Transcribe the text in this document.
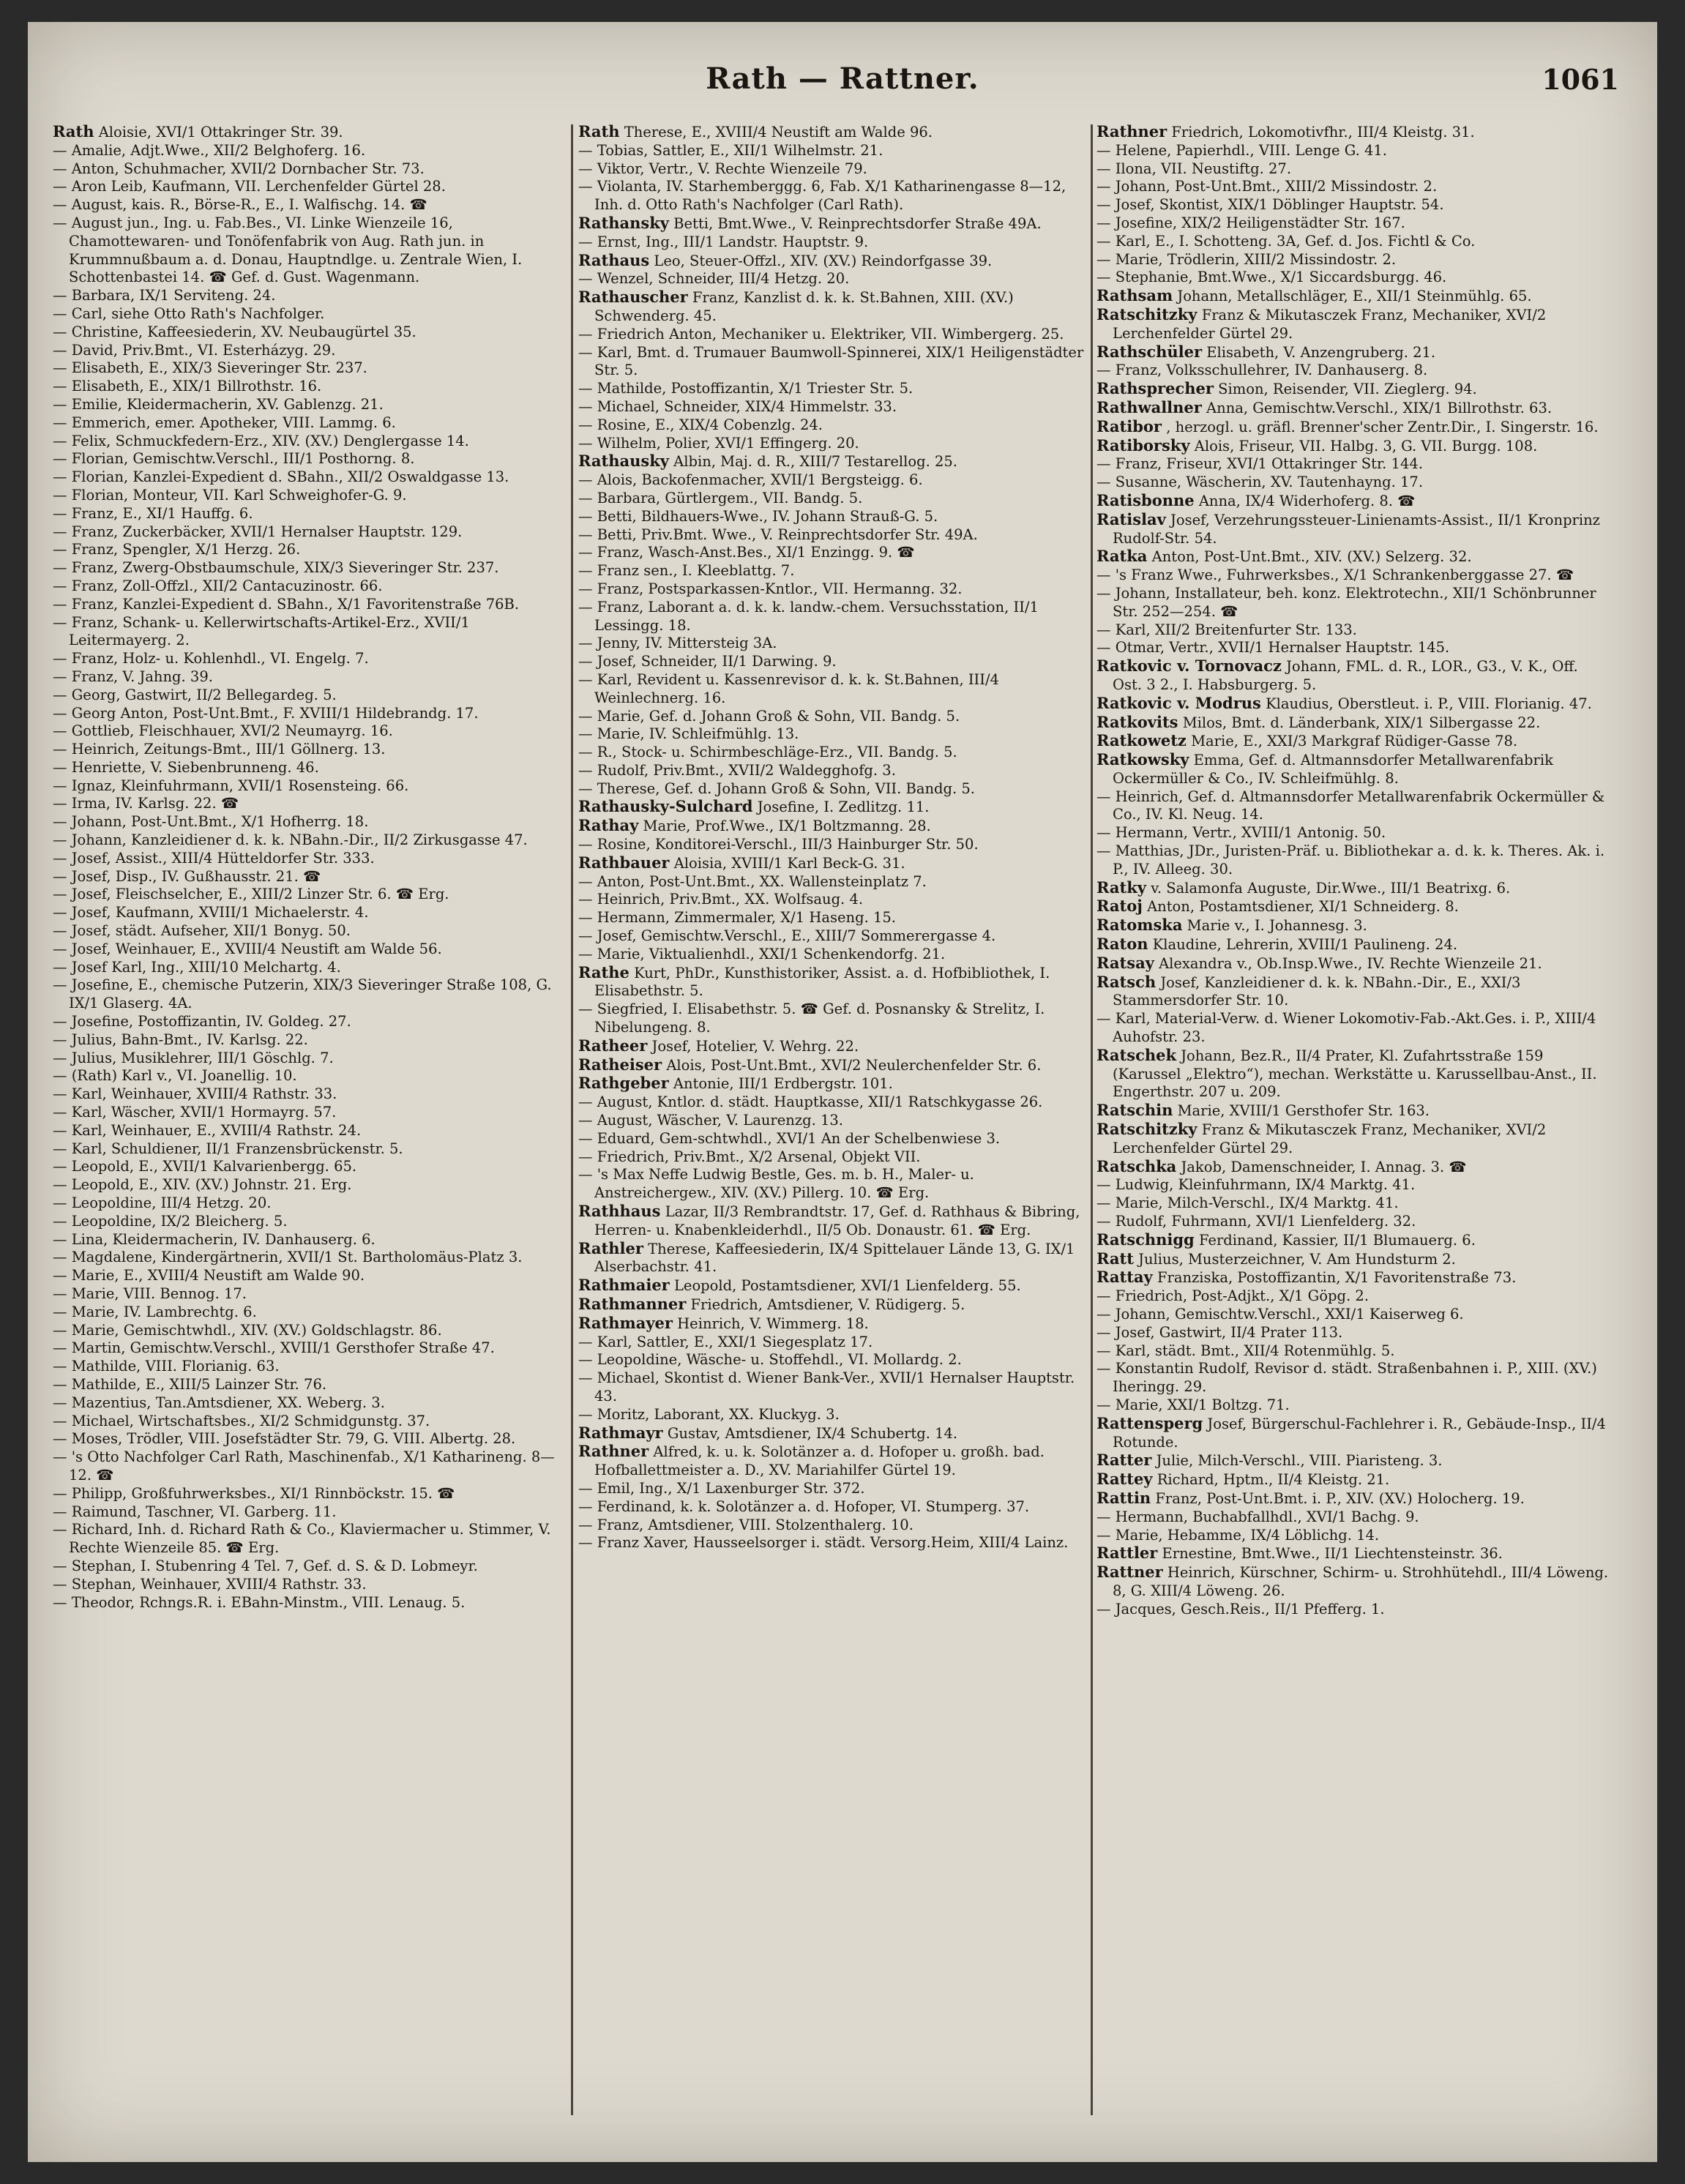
Rath — Rattner.	1061
Rath Aloisie, XVI/1 Ottakringer Str. 39.
— Amalie, Adjt.Wwe., XII/2 Belghoferg. 16.
— Anton, Schuhmacher, XVII/2 Dornbacher Str. 73.
— Aron Leib, Kaufmann, VII. Lerchenfelder Gürtel 28.
— August, kais. R., Börse-R., E., I. Walfischg. 14. ☎
— August jun., Ing. u. Fab.Bes., VI. Linke Wienzeile 16, Chamottewaren- und Tonöfenfabrik von Aug. Rath jun. in Krummnußbaum a. d. Donau, Hauptndlge. u. Zentrale Wien, I. Schottenbastei 14. ☎ Gef. d. Gust. Wagenmann.
— Barbara, IX/1 Serviteng. 24.
— Carl, siehe Otto Rath's Nachfolger.
— Christine, Kaffeesiederin, XV. Neubaugürtel 35.
— David, Priv.Bmt., VI. Esterházyg. 29.
— Elisabeth, E., XIX/3 Sieveringer Str. 237.
— Elisabeth, E., XIX/1 Billrothstr. 16.
— Emilie, Kleidermacherin, XV. Gablenzg. 21.
— Emmerich, emer. Apotheker, VIII. Lammg. 6.
— Felix, Schmuckfedern-Erz., XIV. (XV.) Denglergasse 14.
— Florian, Gemischtw.Verschl., III/1 Posthorng. 8.
— Florian, Kanzlei-Expedient d. SBahn., XII/2 Oswaldgasse 13.
— Florian, Monteur, VII. Karl Schweighofer-G. 9.
— Franz, E., XI/1 Hauffg. 6.
— Franz, Zuckerbäcker, XVII/1 Hernalser Hauptstr. 129.
— Franz, Spengler, X/1 Herzg. 26.
— Franz, Zwerg-Obstbaumschule, XIX/3 Sieveringer Str. 237.
— Franz, Zoll-Offzl., XII/2 Cantacuzinostr. 66.
— Franz, Kanzlei-Expedient d. SBahn., X/1 Favoritenstraße 76B.
— Franz, Schank- u. Kellerwirtschafts-Artikel-Erz., XVII/1 Leitermayerg. 2.
— Franz, Holz- u. Kohlenhdl., VI. Engelg. 7.
— Franz, V. Jahng. 39.
— Georg, Gastwirt, II/2 Bellegardeg. 5.
— Georg Anton, Post-Unt.Bmt., F. XVIII/1 Hildebrandg. 17.
— Gottlieb, Fleischhauer, XVI/2 Neumayrg. 16.
— Heinrich, Zeitungs-Bmt., III/1 Göllnerg. 13.
— Henriette, V. Siebenbrunneng. 46.
— Ignaz, Kleinfuhrmann, XVII/1 Rosensteing. 66.
— Irma, IV. Karlsg. 22. ☎
— Johann, Post-Unt.Bmt., X/1 Hofherrg. 18.
— Johann, Kanzleidiener d. k. k. NBahn.-Dir., II/2 Zirkusgasse 47.
— Josef, Assist., XIII/4 Hütteldorfer Str. 333.
— Josef, Disp., IV. Gußhausstr. 21. ☎
— Josef, Fleischselcher, E., XIII/2 Linzer Str. 6. ☎ Erg.
— Josef, Kaufmann, XVIII/1 Michaelerstr. 4.
— Josef, städt. Aufseher, XII/1 Bonyg. 50.
— Josef, Weinhauer, E., XVIII/4 Neustift am Walde 56.
— Josef Karl, Ing., XIII/10 Melchartg. 4.
— Josefine, E., chemische Putzerin, XIX/3 Sieveringer Straße 108, G. IX/1 Glaserg. 4A.
— Josefine, Postoffizantin, IV. Goldeg. 27.
— Julius, Bahn-Bmt., IV. Karlsg. 22.
— Julius, Musiklehrer, III/1 Göschlg. 7.
— (Rath) Karl v., VI. Joanellig. 10.
— Karl, Weinhauer, XVIII/4 Rathstr. 33.
— Karl, Wäscher, XVII/1 Hormayrg. 57.
— Karl, Weinhauer, E., XVIII/4 Rathstr. 24.
— Karl, Schuldiener, II/1 Franzensbrückenstr. 5.
— Leopold, E., XVII/1 Kalvarienbergg. 65.
— Leopold, E., XIV. (XV.) Johnstr. 21. Erg.
— Leopoldine, III/4 Hetzg. 20.
— Leopoldine, IX/2 Bleicherg. 5.
— Lina, Kleidermacherin, IV. Danhauserg. 6.
— Magdalene, Kindergärtnerin, XVII/1 St. Bartholomäus-Platz 3.
— Marie, E., XVIII/4 Neustift am Walde 90.
— Marie, VIII. Bennog. 17.
— Marie, IV. Lambrechtg. 6.
— Marie, Gemischtwhdl., XIV. (XV.) Goldschlagstr. 86.
— Martin, Gemischtw.Verschl., XVIII/1 Gersthofer Straße 47.
— Mathilde, VIII. Florianig. 63.
— Mathilde, E., XIII/5 Lainzer Str. 76.
— Mazentius, Tan.Amtsdiener, XX. Weberg. 3.
— Michael, Wirtschaftsbes., XI/2 Schmidgunstg. 37.
— Moses, Trödler, VIII. Josefstädter Str. 79, G. VIII. Albertg. 28.
— 's Otto Nachfolger Carl Rath, Maschinenfab., X/1 Katharineng. 8—12. ☎
— Philipp, Großfuhrwerksbes., XI/1 Rinnböckstr. 15. ☎
— Raimund, Taschner, VI. Garberg. 11.
— Richard, Inh. d. Richard Rath & Co., Klaviermacher u. Stimmer, V. Rechte Wienzeile 85. ☎ Erg.
— Stephan, I. Stubenring 4 Tel. 7, Gef. d. S. & D. Lobmeyr.
— Stephan, Weinhauer, XVIII/4 Rathstr. 33.
— Theodor, Rchngs.R. i. EBahn-Minstm., VIII. Lenaug. 5.
Rath Therese, E., XVIII/4 Neustift am Walde 96.
— Tobias, Sattler, E., XII/1 Wilhelmstr. 21.
— Viktor, Vertr., V. Rechte Wienzeile 79.
— Violanta, IV. Starhemberggg. 6, Fab. X/1 Katharinengasse 8—12, Inh. d. Otto Rath's Nachfolger (Carl Rath).
Rathansky Betti, Bmt.Wwe., V. Reinprechtsdorfer Straße 49A.
— Ernst, Ing., III/1 Landstr. Hauptstr. 9.
Rathaus Leo, Steuer-Offzl., XIV. (XV.) Reindorfgasse 39.
— Wenzel, Schneider, III/4 Hetzg. 20.
Rathauscher Franz, Kanzlist d. k. k. St.Bahnen, XIII. (XV.) Schwenderg. 45.
— Friedrich Anton, Mechaniker u. Elektriker, VII. Wimbergerg. 25.
— Karl, Bmt. d. Trumauer Baumwoll-Spinnerei, XIX/1 Heiligenstädter Str. 5.
— Mathilde, Postoffizantin, X/1 Triester Str. 5.
— Michael, Schneider, XIX/4 Himmelstr. 33.
— Rosine, E., XIX/4 Cobenzlg. 24.
— Wilhelm, Polier, XVI/1 Effingerg. 20.
Rathausky Albin, Maj. d. R., XIII/7 Testarellog. 25.
— Alois, Backofenmacher, XVII/1 Bergsteigg. 6.
— Barbara, Gürtlergem., VII. Bandg. 5.
— Betti, Bildhauers-Wwe., IV. Johann Strauß-G. 5.
— Betti, Priv.Bmt. Wwe., V. Reinprechtsdorfer Str. 49A.
— Franz, Wasch-Anst.Bes., XI/1 Enzingg. 9. ☎
— Franz sen., I. Kleeblattg. 7.
— Franz, Postsparkassen-Kntlor., VII. Hermanng. 32.
— Franz, Laborant a. d. k. k. landw.-chem. Versuchsstation, II/1 Lessingg. 18.
— Jenny, IV. Mittersteig 3A.
— Josef, Schneider, II/1 Darwing. 9.
— Karl, Revident u. Kassenrevisor d. k. k. St.Bahnen, III/4 Weinlechnerg. 16.
— Marie, Gef. d. Johann Groß & Sohn, VII. Bandg. 5.
— Marie, IV. Schleifmühlg. 13.
— R., Stock- u. Schirmbeschläge-Erz., VII. Bandg. 5.
— Rudolf, Priv.Bmt., XVII/2 Waldegghofg. 3.
— Therese, Gef. d. Johann Groß & Sohn, VII. Bandg. 5.
Rathausky-Sulchard Josefine, I. Zedlitzg. 11.
Rathay Marie, Prof.Wwe., IX/1 Boltzmanng. 28.
— Rosine, Konditorei-Verschl., III/3 Hainburger Str. 50.
Rathbauer Aloisia, XVIII/1 Karl Beck-G. 31.
— Anton, Post-Unt.Bmt., XX. Wallensteinplatz 7.
— Heinrich, Priv.Bmt., XX. Wolfsaug. 4.
— Hermann, Zimmermaler, X/1 Haseng. 15.
— Josef, Gemischtw.Verschl., E., XIII/7 Sommerergasse 4.
— Marie, Viktualienhdl., XXI/1 Schenkendorfg. 21.
Rathe Kurt, PhDr., Kunsthistoriker, Assist. a. d. Hofbibliothek, I. Elisabethstr. 5.
— Siegfried, I. Elisabethstr. 5. ☎ Gef. d. Posnansky & Strelitz, I. Nibelungeng. 8.
Ratheer Josef, Hotelier, V. Wehrg. 22.
Ratheiser Alois, Post-Unt.Bmt., XVI/2 Neulerchenfelder Str. 6.
Rathgeber Antonie, III/1 Erdbergstr. 101.
— August, Kntlor. d. städt. Hauptkasse, XII/1 Ratschkygasse 26.
— August, Wäscher, V. Laurenzg. 13.
— Eduard, Gem-schtwhdl., XVI/1 An der Schelbenwiese 3.
— Friedrich, Priv.Bmt., X/2 Arsenal, Objekt VII.
— 's Max Neffe Ludwig Bestle, Ges. m. b. H., Maler- u. Anstreichergew., XIV. (XV.) Pillerg. 10. ☎ Erg.
Rathhaus Lazar, II/3 Rembrandtstr. 17, Gef. d. Rathhaus & Bibring, Herren- u. Knabenkleiderhdl., II/5 Ob. Donaustr. 61. ☎ Erg.
Rathler Therese, Kaffeesiederin, IX/4 Spittelauer Lände 13, G. IX/1 Alserbachstr. 41.
Rathmaier Leopold, Postamtsdiener, XVI/1 Lienfelderg. 55.
Rathmanner Friedrich, Amtsdiener, V. Rüdigerg. 5.
Rathmayer Heinrich, V. Wimmerg. 18.
— Karl, Sattler, E., XXI/1 Siegesplatz 17.
— Leopoldine, Wäsche- u. Stoffehdl., VI. Mollardg. 2.
— Michael, Skontist d. Wiener Bank-Ver., XVII/1 Hernalser Hauptstr. 43.
— Moritz, Laborant, XX. Kluckyg. 3.
Rathmayr Gustav, Amtsdiener, IX/4 Schubertg. 14.
Rathner Alfred, k. u. k. Solotänzer a. d. Hofoper u. großh. bad. Hofballettmeister a. D., XV. Mariahilfer Gürtel 19.
— Emil, Ing., X/1 Laxenburger Str. 372.
— Ferdinand, k. k. Solotänzer a. d. Hofoper, VI. Stumperg. 37.
— Franz, Amtsdiener, VIII. Stolzenthalerg. 10.
— Franz Xaver, Hausseelsorger i. städt. Versorg.Heim, XIII/4 Lainz.
Rathner Friedrich, Lokomotivfhr., III/4 Kleistg. 31.
— Helene, Papierhdl., VIII. Lenge G. 41.
— Ilona, VII. Neustiftg. 27.
— Johann, Post-Unt.Bmt., XIII/2 Missindostr. 2.
— Josef, Skontist, XIX/1 Döblinger Hauptstr. 54.
— Josefine, XIX/2 Heiligenstädter Str. 167.
— Karl, E., I. Schotteng. 3A, Gef. d. Jos. Fichtl & Co.
— Marie, Trödlerin, XIII/2 Missindostr. 2.
— Stephanie, Bmt.Wwe., X/1 Siccardsburgg. 46.
Rathsam Johann, Metallschläger, E., XII/1 Steinmühlg. 65.
Ratschitzky Franz & Mikutasczek Franz, Mechaniker, XVI/2 Lerchenfelder Gürtel 29.
Rathschüler Elisabeth, V. Anzengruberg. 21.
— Franz, Volksschullehrer, IV. Danhauserg. 8.
Rathsprecher Simon, Reisender, VII. Zieglerg. 94.
Rathwallner Anna, Gemischtw.Verschl., XIX/1 Billrothstr. 63.
Ratibor , herzogl. u. gräfl. Brenner'scher Zentr.Dir., I. Singerstr. 16.
Ratiborsky Alois, Friseur, VII. Halbg. 3, G. VII. Burgg. 108.
— Franz, Friseur, XVI/1 Ottakringer Str. 144.
— Susanne, Wäscherin, XV. Tautenhayng. 17.
Ratisbonne Anna, IX/4 Widerhoferg. 8. ☎
Ratislav Josef, Verzehrungssteuer-Linienamts-Assist., II/1 Kronprinz Rudolf-Str. 54.
Ratka Anton, Post-Unt.Bmt., XIV. (XV.) Selzerg. 32.
— 's Franz Wwe., Fuhrwerksbes., X/1 Schrankenberggasse 27. ☎
— Johann, Installateur, beh. konz. Elektrotechn., XII/1 Schönbrunner Str. 252—254. ☎
— Karl, XII/2 Breitenfurter Str. 133.
— Otmar, Vertr., XVII/1 Hernalser Hauptstr. 145.
Ratkovic v. Tornovacz Johann, FML. d. R., LOR., G3., V. K., Off. Ost. 3 2., I. Habsburgerg. 5.
Ratkovic v. Modrus Klaudius, Oberstleut. i. P., VIII. Florianig. 47.
Ratkovits Milos, Bmt. d. Länderbank, XIX/1 Silbergasse 22.
Ratkowetz Marie, E., XXI/3 Markgraf Rüdiger-Gasse 78.
Ratkowsky Emma, Gef. d. Altmannsdorfer Metallwarenfabrik Ockermüller & Co., IV. Schleifmühlg. 8.
— Heinrich, Gef. d. Altmannsdorfer Metallwarenfabrik Ockermüller & Co., IV. Kl. Neug. 14.
— Hermann, Vertr., XVIII/1 Antonig. 50.
— Matthias, JDr., Juristen-Präf. u. Bibliothekar a. d. k. k. Theres. Ak. i. P., IV. Alleeg. 30.
Ratky v. Salamonfa Auguste, Dir.Wwe., III/1 Beatrixg. 6.
Ratoj Anton, Postamtsdiener, XI/1 Schneiderg. 8.
Ratomska Marie v., I. Johannesg. 3.
Raton Klaudine, Lehrerin, XVIII/1 Paulineng. 24.
Ratsay Alexandra v., Ob.Insp.Wwe., IV. Rechte Wienzeile 21.
Ratsch Josef, Kanzleidiener d. k. k. NBahn.-Dir., E., XXI/3 Stammersdorfer Str. 10.
— Karl, Material-Verw. d. Wiener Lokomotiv-Fab.-Akt.Ges. i. P., XIII/4 Auhofstr. 23.
Ratschek Johann, Bez.R., II/4 Prater, Kl. Zufahrtsstraße 159 (Karussel „Elektro“), mechan. Werkstätte u. Karussellbau-Anst., II. Engerthstr. 207 u. 209.
Ratschin Marie, XVIII/1 Gersthofer Str. 163.
Ratschitzky Franz & Mikutasczek Franz, Mechaniker, XVI/2 Lerchenfelder Gürtel 29.
Ratschka Jakob, Damenschneider, I. Annag. 3. ☎
— Ludwig, Kleinfuhrmann, IX/4 Marktg. 41.
— Marie, Milch-Verschl., IX/4 Marktg. 41.
— Rudolf, Fuhrmann, XVI/1 Lienfelderg. 32.
Ratschnigg Ferdinand, Kassier, II/1 Blumauerg. 6.
Ratt Julius, Musterzeichner, V. Am Hundsturm 2.
Rattay Franziska, Postoffizantin, X/1 Favoritenstraße 73.
— Friedrich, Post-Adjkt., X/1 Göpg. 2.
— Johann, Gemischtw.Verschl., XXI/1 Kaiserweg 6.
— Josef, Gastwirt, II/4 Prater 113.
— Karl, städt. Bmt., XII/4 Rotenmühlg. 5.
— Konstantin Rudolf, Revisor d. städt. Straßenbahnen i. P., XIII. (XV.) Iheringg. 29.
— Marie, XXI/1 Boltzg. 71.
Rattensperg Josef, Bürgerschul-Fachlehrer i. R., Gebäude-Insp., II/4 Rotunde.
Ratter Julie, Milch-Verschl., VIII. Piaristeng. 3.
Rattey Richard, Hptm., II/4 Kleistg. 21.
Rattin Franz, Post-Unt.Bmt. i. P., XIV. (XV.) Holocherg. 19.
— Hermann, Buchabfallhdl., XVI/1 Bachg. 9.
— Marie, Hebamme, IX/4 Löblichg. 14.
Rattler Ernestine, Bmt.Wwe., II/1 Liechtensteinstr. 36.
Rattner Heinrich, Kürschner, Schirm- u. Strohhütehdl., III/4 Löweng. 8, G. XIII/4 Löweng. 26.
— Jacques, Gesch.Reis., II/1 Pfefferg. 1.
